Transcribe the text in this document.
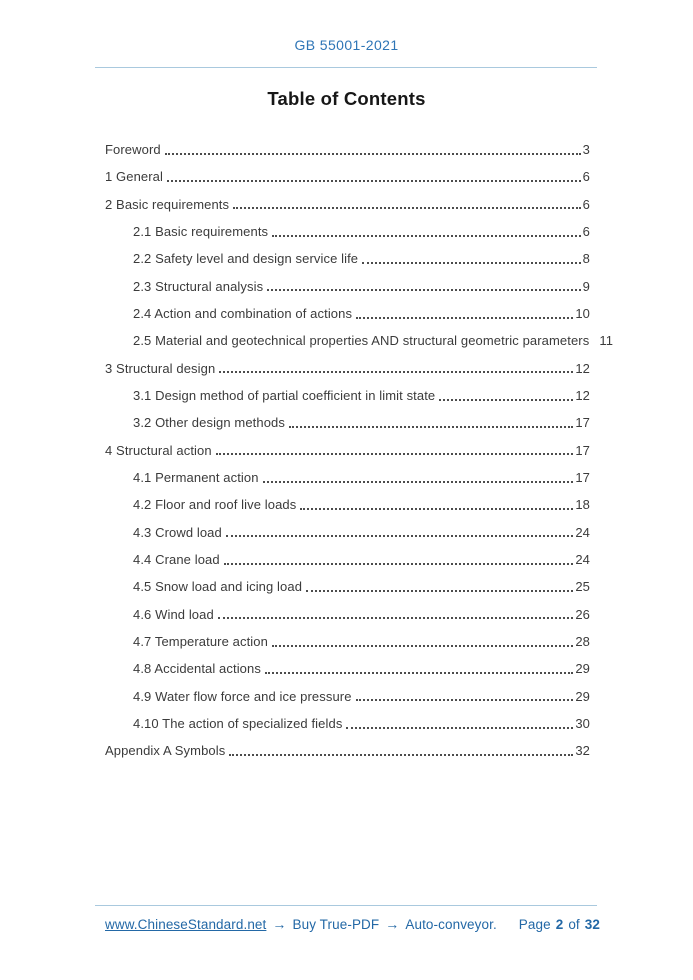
GB 55001-2021
Table of Contents
Foreword	3
1 General	6
2 Basic requirements	6
2.1 Basic requirements	6
2.2 Safety level and design service life	8
2.3 Structural analysis	9
2.4 Action and combination of actions	10
2.5 Material and geotechnical properties AND structural geometric parameters 11
3 Structural design	12
3.1 Design method of partial coefficient in limit state	12
3.2 Other design methods	17
4 Structural action	17
4.1 Permanent action	17
4.2 Floor and roof live loads	18
4.3 Crowd load	24
4.4 Crane load	24
4.5 Snow load and icing load	25
4.6 Wind load	26
4.7 Temperature action	28
4.8 Accidental actions	29
4.9 Water flow force and ice pressure	29
4.10 The action of specialized fields	30
Appendix A Symbols	32
www.ChineseStandard.net → Buy True-PDF → Auto-conveyor. Page 2 of 32
